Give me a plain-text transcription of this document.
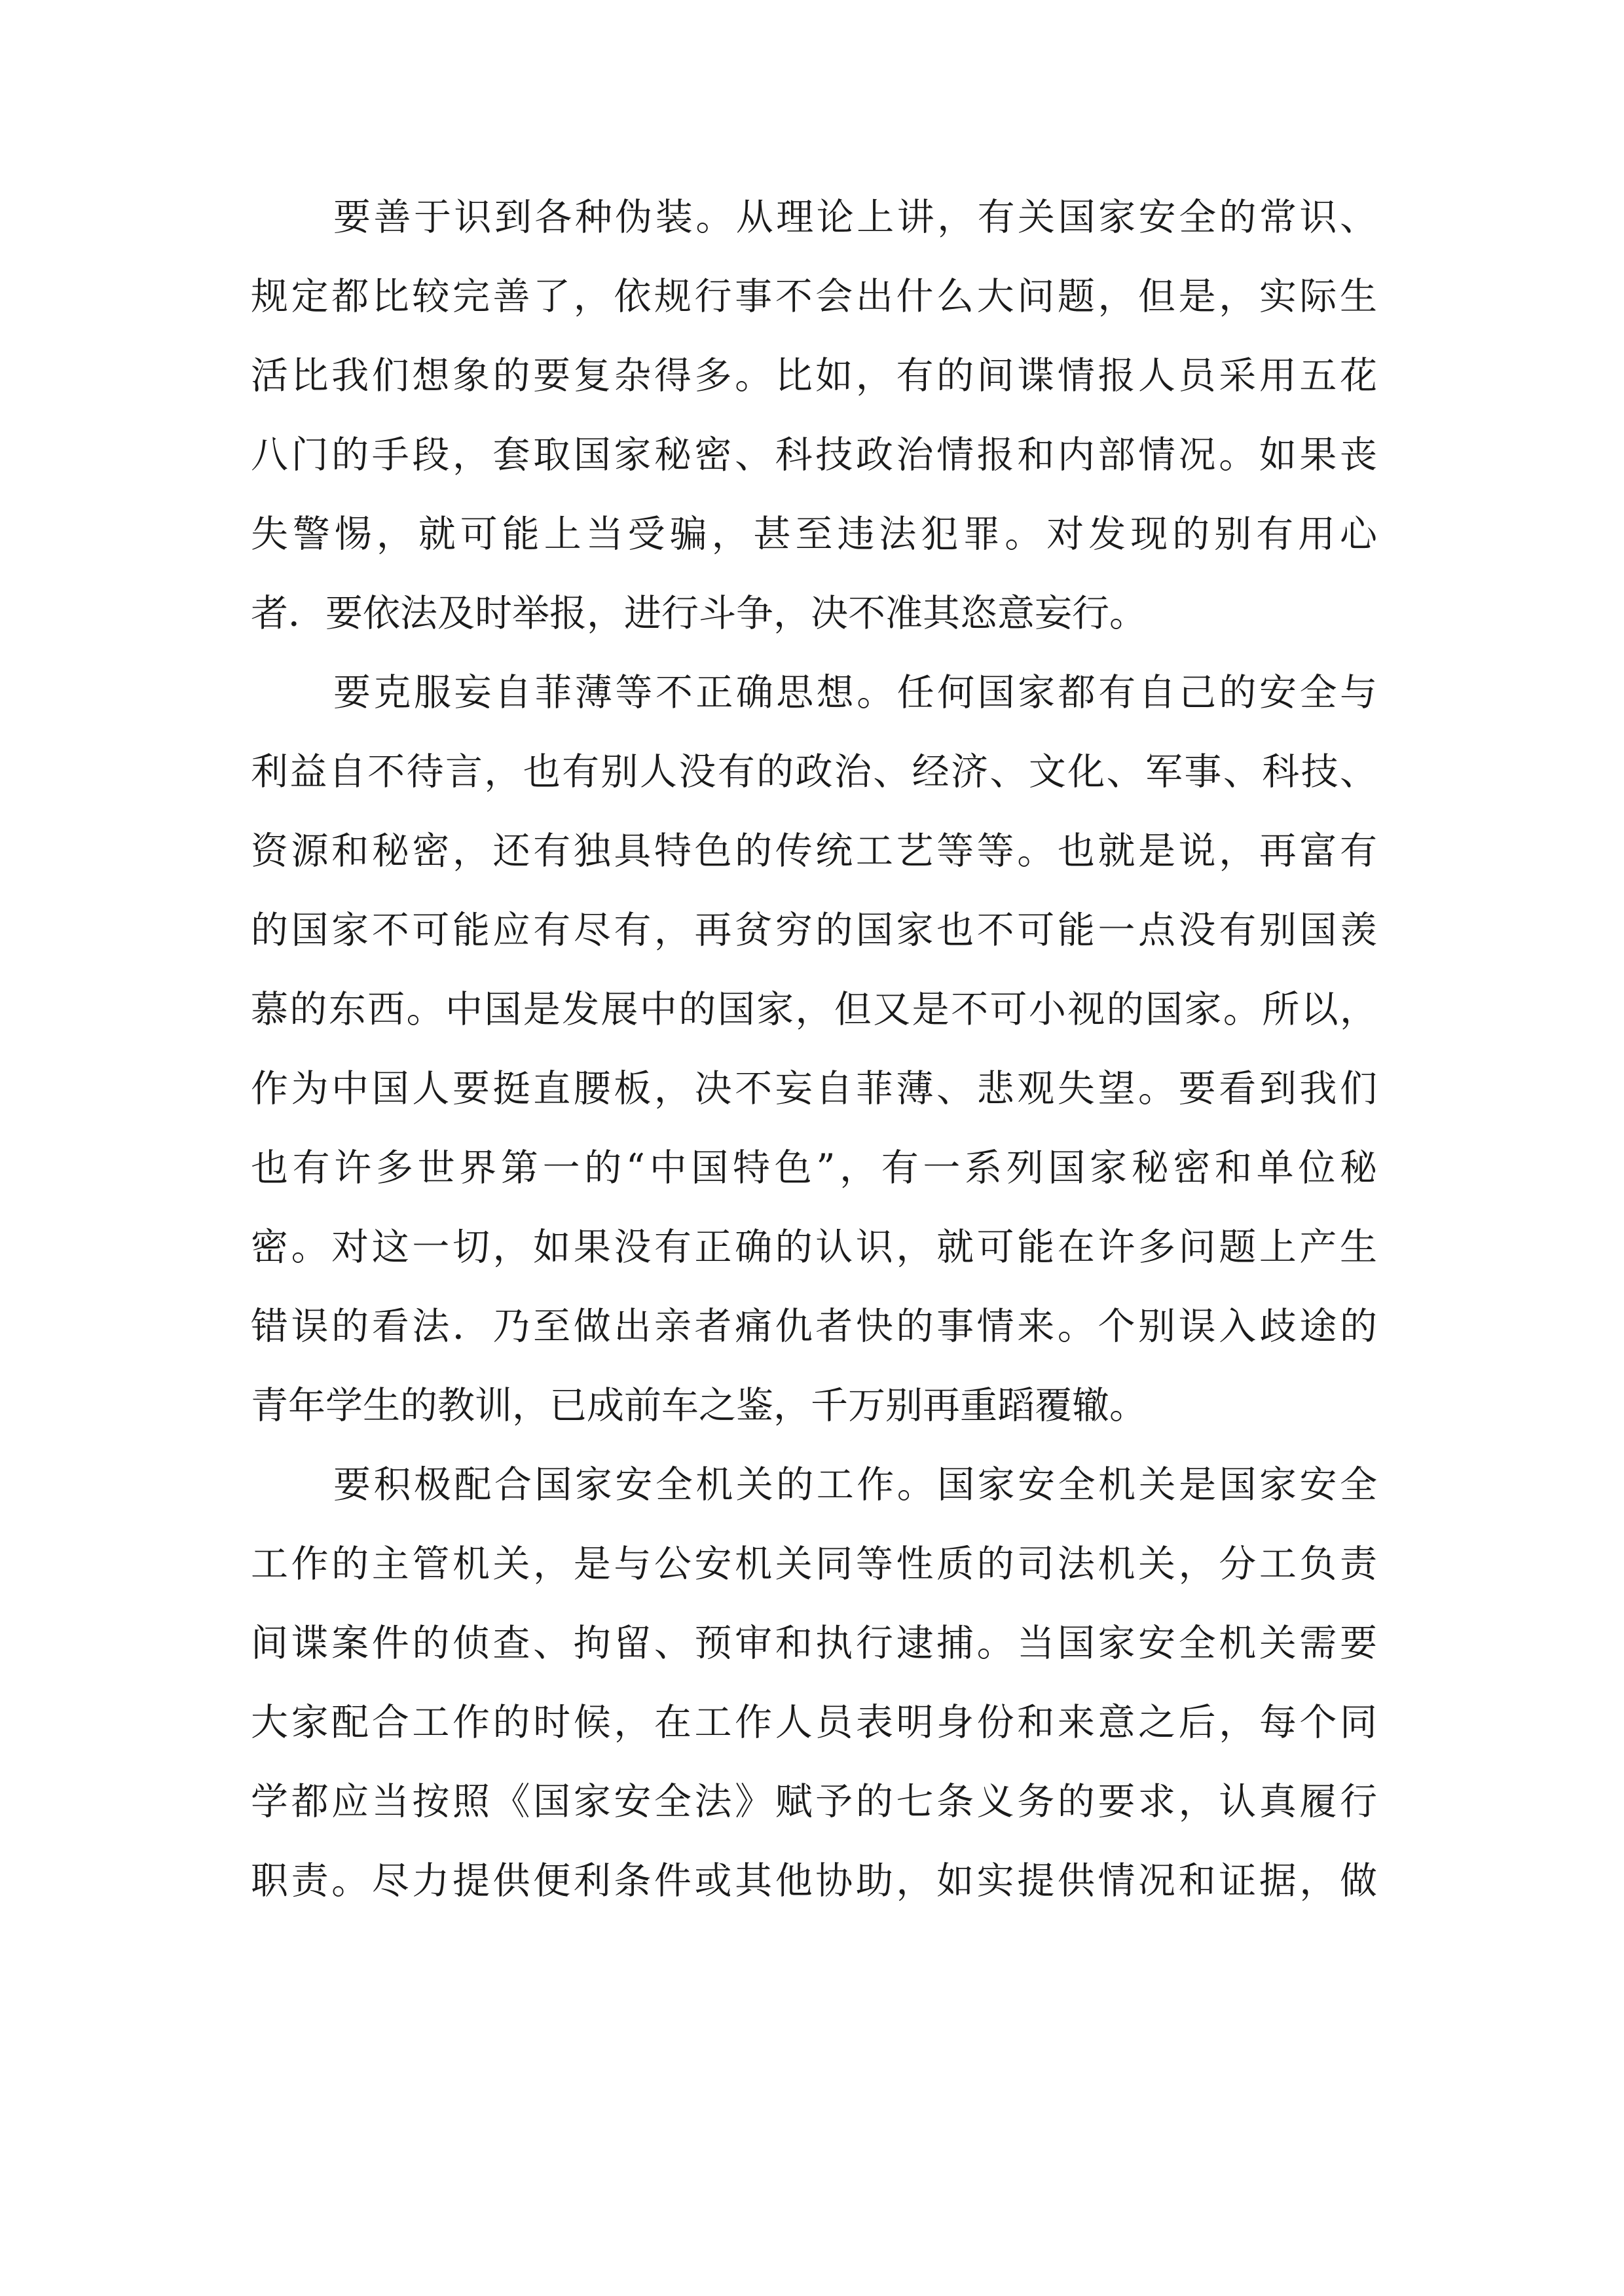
要善于识到各种伪装。从理论上讲，有关国家安全的常识、
规定都比较完善了，依规行事不会出什么大问题，但是，实际生
活比我们想象的要复杂得多。比如，有的间谍情报人员采用五花
八门的手段，套取国家秘密、科技政治情报和内部情况。如果丧
失警惕，就可能上当受骗，甚至违法犯罪。对发现的别有用心
者．要依法及时举报，进行斗争，决不准其恣意妄行。
要克服妄自菲薄等不正确思想。任何国家都有自己的安全与
利益自不待言，也有别人没有的政治、经济、文化、军事、科技、
资源和秘密，还有独具特色的传统工艺等等。也就是说，再富有
的国家不可能应有尽有，再贫穷的国家也不可能一点没有别国羡
慕的东西。中国是发展中的国家，但又是不可小视的国家。所以，
作为中国人要挺直腰板，决不妄自菲薄、悲观失望。要看到我们
也有许多世界第一的“中国特色”，有一系列国家秘密和单位秘
密。对这一切，如果没有正确的认识，就可能在许多问题上产生
错误的看法．乃至做出亲者痛仇者快的事情来。个别误入歧途的
青年学生的教训，已成前车之鉴，千万别再重蹈覆辙。
要积极配合国家安全机关的工作。国家安全机关是国家安全
工作的主管机关，是与公安机关同等性质的司法机关，分工负责
间谍案件的侦查、拘留、预审和执行逮捕。当国家安全机关需要
大家配合工作的时候，在工作人员表明身份和来意之后，每个同
学都应当按照《国家安全法》赋予的七条义务的要求，认真履行
职责。尽力提供便利条件或其他协助，如实提供情况和证据，做
